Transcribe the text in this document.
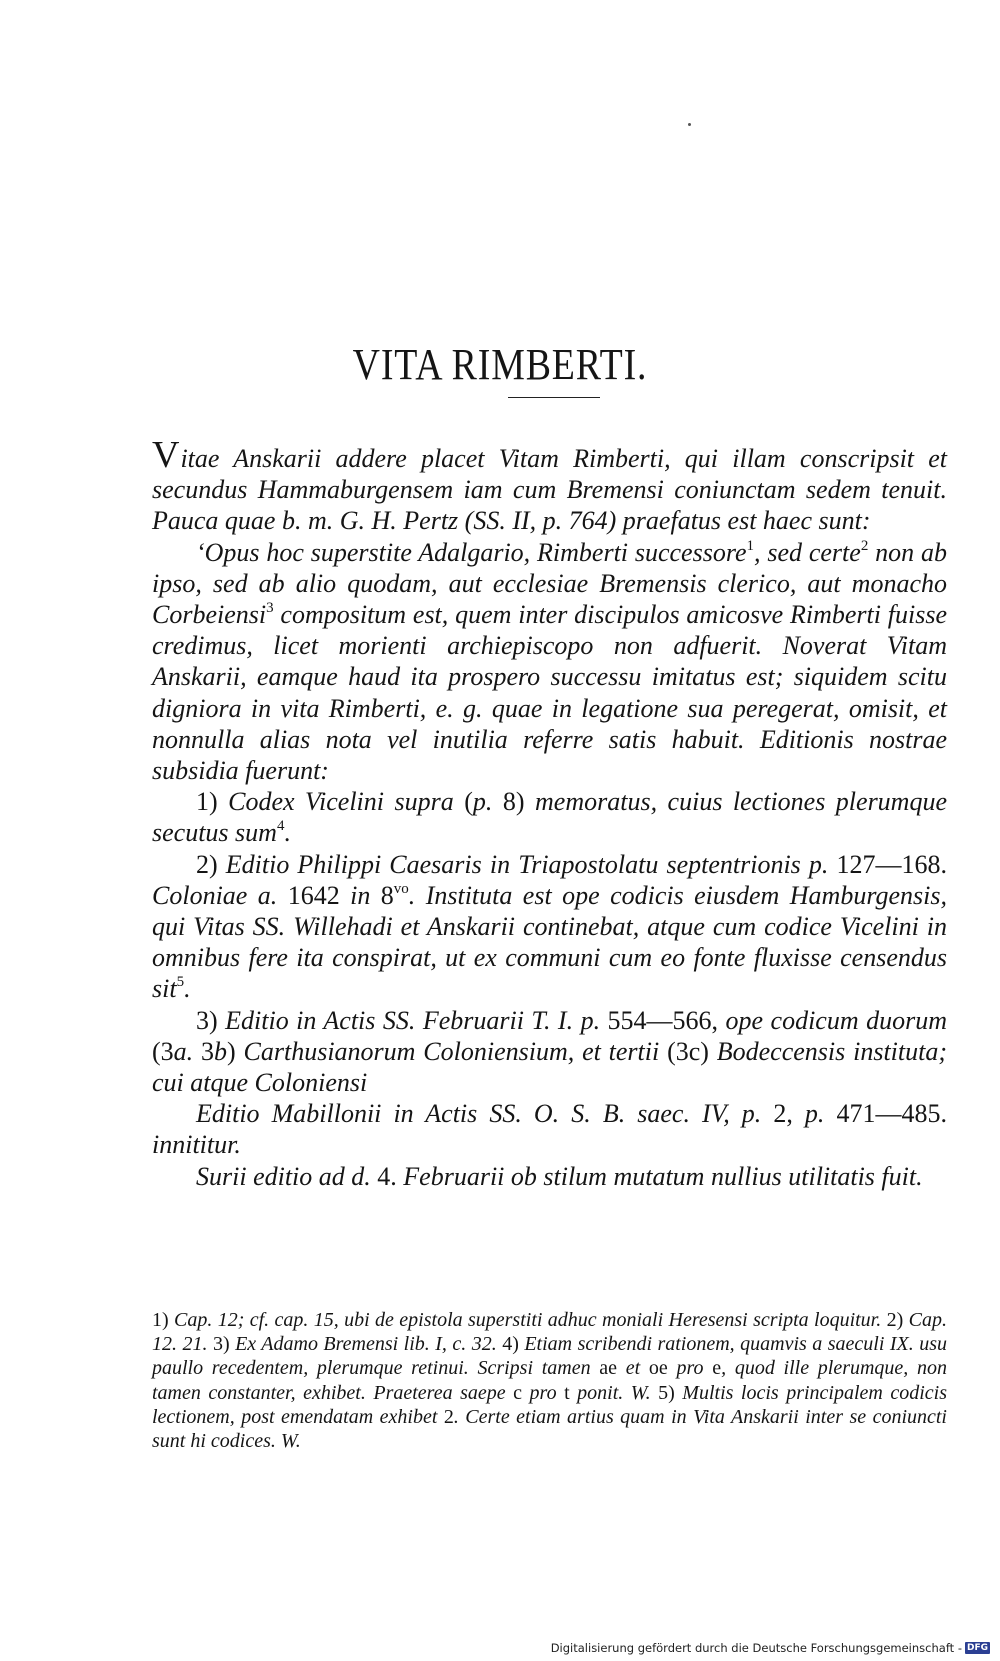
VITA RIMBERTI.

Vitae Anskarii addere placet Vitam Rimberti, qui illam conscripsit et secundus Hammaburgensem iam cum Bremensi coniunctam sedem tenuit. Pauca quae b. m. G. H. Pertz (SS. II, p. 764) praefatus est haec sunt:

‘Opus hoc superstite Adalgario, Rimberti successore$^1$, sed certe$^2$ non ab ipso, sed ab alio quodam, aut ecclesiae Bremensis clerico, aut monacho Corbeiensi$^3$ compositum est, quem inter discipulos amicosve Rimberti fuisse credimus, licet morienti archiepiscopo non adfuerit. Noverat Vitam Anskarii, eamque haud ita prospero successu imitatus est; siquidem scitu digniora in vita Rimberti, e. g. quae in legatione sua peregerat, omisit, et nonnulla alias nota vel inutilia referre satis habuit. Editionis nostrae subsidia fuerunt:

1) Codex Vicelini supra (p. 8) memoratus, cuius lectiones plerumque secutus sum$^4$.

2) Editio Philippi Caesaris in Triapostolatu septentrionis p. 127—168. Coloniae a. 1642 in $8^{vo}$. Instituta est ope codicis eiusdem Hamburgensis, qui Vitas SS. Willehadi et Anskarii continebat, atque cum codice Vicelini in omnibus fere ita conspirat, ut ex communi cum eo fonte fluxisse censendus sit$^5$.

3) Editio in Actis SS. Februarii T. I. p. 554—566, ope codicum duorum (3a. 3b) Carthusianorum Coloniensium, et tertii (3c) Bodeccensis instituta; cui atque Coloniensi

Editio Mabillonii in Actis SS. O. S. B. saec. IV, p. 2, p. 471—485. innititur.

Surii editio ad d. 4. Februarii ob stilum mutatum nullius utilitatis fuit.

1) Cap. 12; cf. cap. 15, ubi de epistola superstiti adhuc moniali Heresensi scripta loquitur. 2) Cap. 12. 21. 3) Ex Adamo Bremensi lib. I, c. 32. 4) Etiam scribendi rationem, quamvis a saeculi IX. usu paullo recedentem, plerumque retinui. Scripsi tamen ae et oe pro e, quod ille plerumque, non tamen constanter, exhibet. Praeterea saepe c pro t ponit. W. 5) Multis locis principalem codicis lectionem, post emendatam exhibet 2. Certe etiam artius quam in Vita Anskarii inter se coniuncti sunt hi codices. W.

Digitalisierung gefördert durch die Deutsche Forschungsgemeinschaft - DFG
